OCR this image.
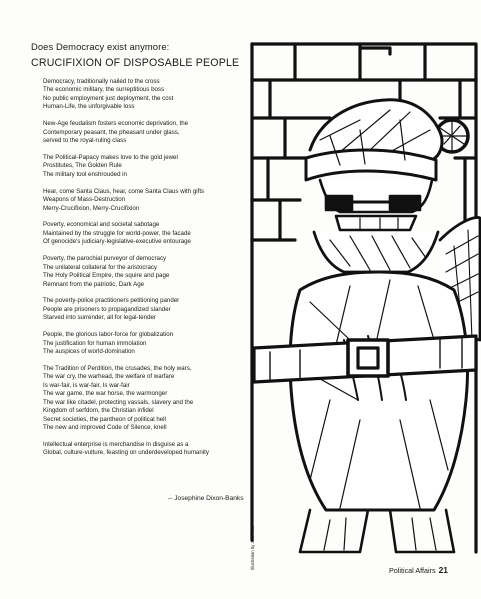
Does Democracy exist anymore:
CRUCIFIXION OF DISPOSABLE PEOPLE
Democracy, traditionally nailed to the cross
The economic military, the surreptitious boss
No public employment just deployment, the cost
Human-Life, the unforgivable loss
New-Age feudalism fosters economic deprivation, the
Contemporary peasant, the pheasant under glass,
served to the royal-ruling class
The Political-Papacy makes love to the gold jewel
Prostitutes, The Golden Rule
The military tool enshrouded in
Hear, come Santa Claus, hear, come Santa Claus with gifts
Weapons of Mass-Destruction
Merry-Crucifixion, Merry-Crucifixion
Poverty, economical and societal sabotage
Maintained by the struggle for world-power, the facade
Of genocide's judiciary-legislative-executive entourage
Poverty, the parochial purveyor of democracy
The unilateral collateral for the aristocracy
The Holy Political Empire, the squire and page
Remnant from the patriotic, Dark Age
The poverty-police practitioners petitioning pander
People are prisoners to propagandized slander
Starved into surrender, all for legal-tender
People, the glorious labor-force for globalization
The justification for human immolation
The auspices of world-domination
The Tradition of Perdition, the crusades, the holy wars,
The war cry, the warhead, the welfare of warfare
Is war-fair, is war-fair, Is war-fair
The war game, the war horse, the warmonger
The war like citadel, protecting vassals, slavery and the
Kingdom of serfdom, the Christian infidel
Secret societies, the pantheon of political hell
The new and improved Code of Silence, knell
Intellectual enterprise is merchandise in disguise as a
Global, culture-vulture, feasting on underdeveloped humanity
-- Josephine Dixon-Banks
Illustration by John Kim
Political Affairs 21
